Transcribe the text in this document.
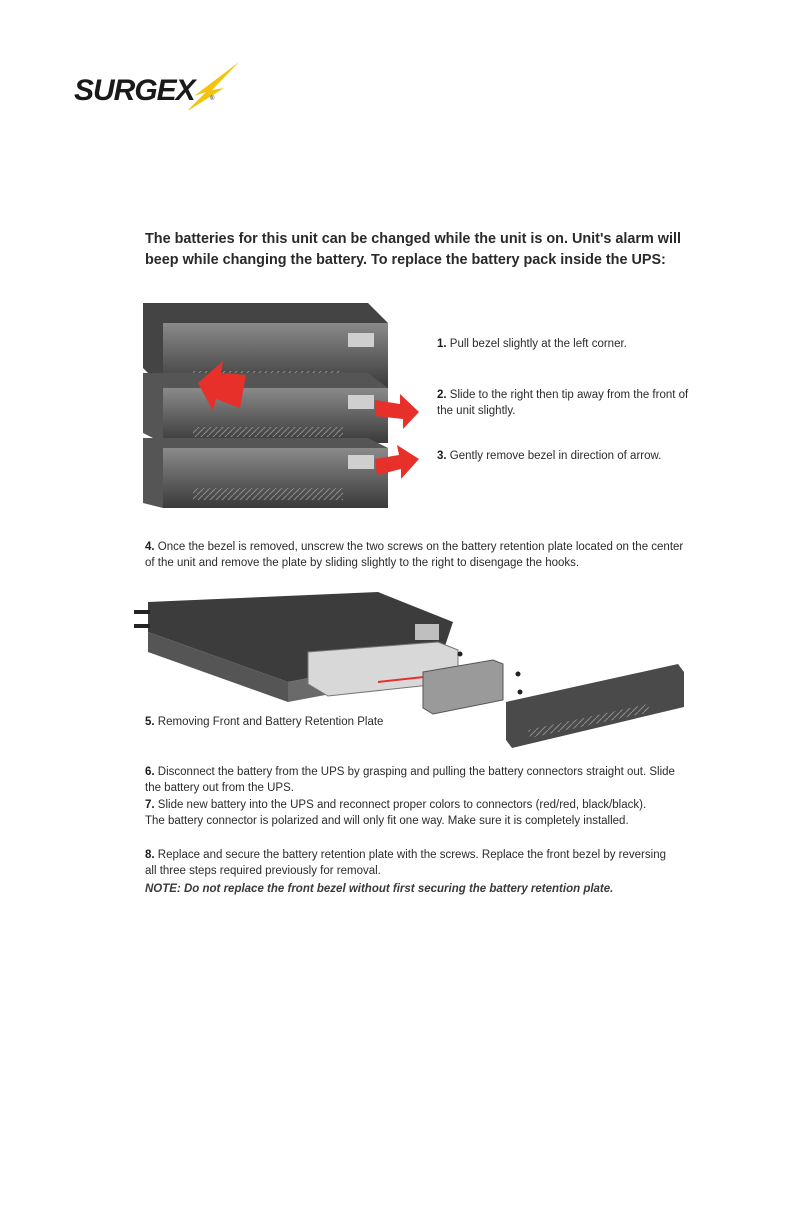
SURGEX	®
The batteries for this unit can be changed while the unit is on. Unit's alarm will beep while changing the battery. To replace the battery pack inside the UPS:
1. Pull bezel slightly at the left corner.
2. Slide to the right then tip away from the front of the unit slightly.
3. Gently remove bezel in direction of arrow.
4. Once the bezel is removed, unscrew the two screws on the battery retention plate located on the center of the unit and remove the plate by sliding slightly to the right to disengage the hooks.
5. Removing Front and Battery Retention Plate
6. Disconnect the battery from the UPS by grasping and pulling the battery connectors straight out. Slide the battery out from the UPS.
7. Slide new battery into the UPS and reconnect proper colors to connectors (red/red, black/black). The battery connector is polarized and will only fit one way. Make sure it is completely installed.
8. Replace and secure the battery retention plate with the screws. Replace the front bezel by reversing all three steps required previously for removal.
NOTE: Do not replace the front bezel without first securing the battery retention plate.
